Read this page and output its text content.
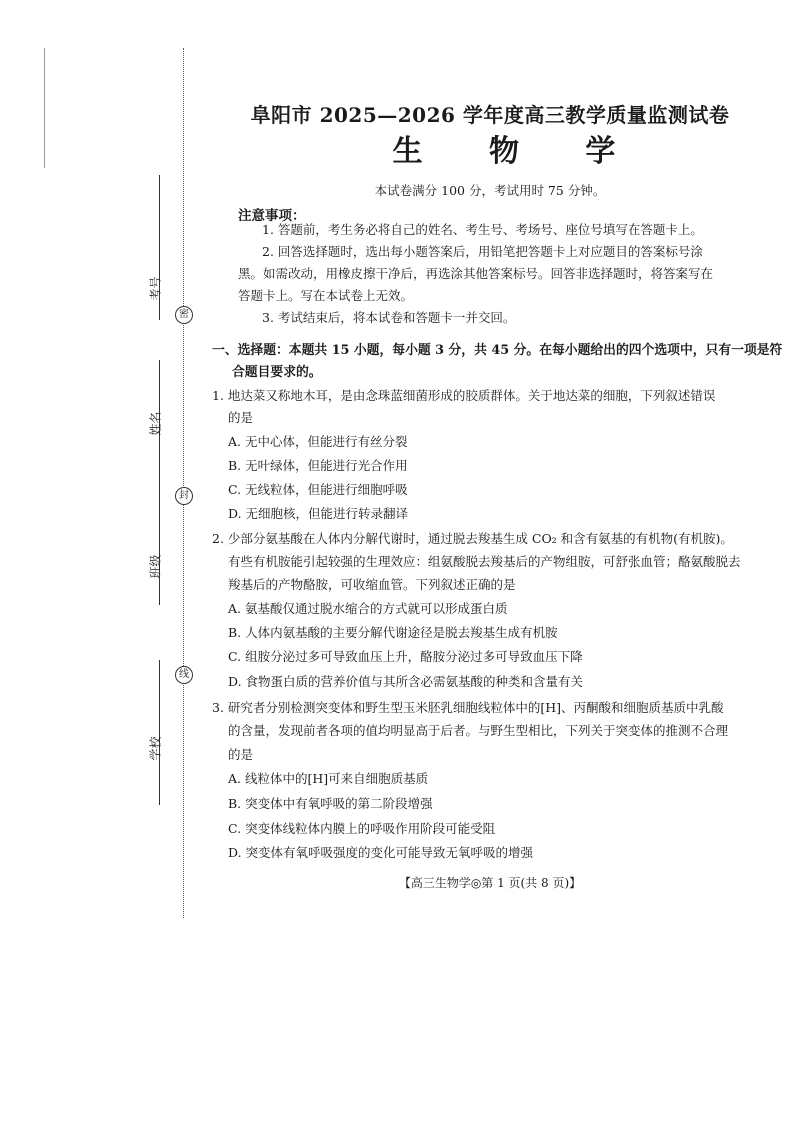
考号
姓名
班级
学校
密
封
线
阜阳市 2025—2026 学年度高三教学质量监测试卷
生 物 学
本试卷满分 100 分，考试用时 75 分钟。
注意事项：
1. 答题前，考生务必将自己的姓名、考生号、考场号、座位号填写在答题卡上。
2. 回答选择题时，选出每小题答案后，用铅笔把答题卡上对应题目的答案标号涂
黑。如需改动，用橡皮擦干净后，再选涂其他答案标号。回答非选择题时，将答案写在
答题卡上。写在本试卷上无效。
3. 考试结束后，将本试卷和答题卡一并交回。
一、选择题：本题共 15 小题，每小题 3 分，共 45 分。在每小题给出的四个选项中，只有一项是符
合题目要求的。
1. 地达菜又称地木耳，是由念珠蓝细菌形成的胶质群体。关于地达菜的细胞，下列叙述错误
的是
A. 无中心体，但能进行有丝分裂
B. 无叶绿体，但能进行光合作用
C. 无线粒体，但能进行细胞呼吸
D. 无细胞核，但能进行转录翻译
2. 少部分氨基酸在人体内分解代谢时，通过脱去羧基生成 CO₂ 和含有氨基的有机物(有机胺)。
有些有机胺能引起较强的生理效应：组氨酸脱去羧基后的产物组胺，可舒张血管；酪氨酸脱去
羧基后的产物酪胺，可收缩血管。下列叙述正确的是
A. 氨基酸仅通过脱水缩合的方式就可以形成蛋白质
B. 人体内氨基酸的主要分解代谢途径是脱去羧基生成有机胺
C. 组胺分泌过多可导致血压上升，酪胺分泌过多可导致血压下降
D. 食物蛋白质的营养价值与其所含必需氨基酸的种类和含量有关
3. 研究者分别检测突变体和野生型玉米胚乳细胞线粒体中的[H]、丙酮酸和细胞质基质中乳酸
的含量，发现前者各项的值均明显高于后者。与野生型相比，下列关于突变体的推测不合理
的是
A. 线粒体中的[H]可来自细胞质基质
B. 突变体中有氧呼吸的第二阶段增强
C. 突变体线粒体内膜上的呼吸作用阶段可能受阻
D. 突变体有氧呼吸强度的变化可能导致无氧呼吸的增强
【高三生物学◎第 1 页(共 8 页)】
